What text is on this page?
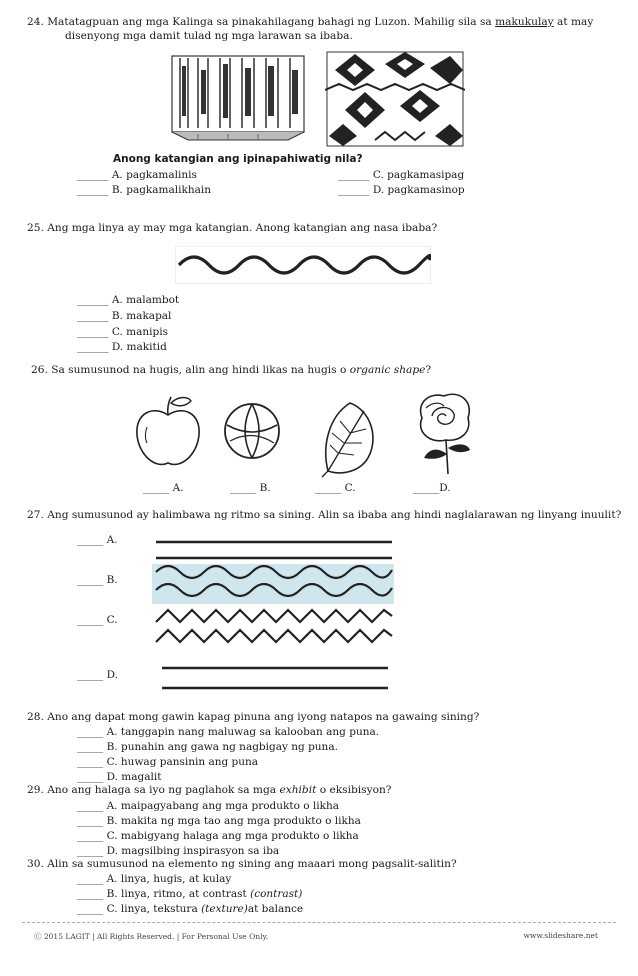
24. Matatagpuan ang mga Kalinga sa pinakahilagang bahagi ng Luzon. Mahilig sila sa makukulay at may
disenyong mga damit tulad ng mga larawan sa ibaba.
Anong katangian ang ipinapahiwatig nila?
______ A. pagkamalinis
______ B. pagkamalikhain
______ C. pagkamasipag
______ D. pagkamasinop
25. Ang mga linya ay may mga katangian. Anong katangian ang nasa ibaba?
______ A. malambot
______ B. makapal
______ C. manipis
______ D. makitid
26. Sa sumusunod na hugis, alin ang hindi likas na hugis o organic shape?
_____ A.	_____ B.	_____ C.	_____D.
27. Ang sumusunod ay halimbawa ng ritmo sa sining. Alin sa ibaba ang hindi naglalarawan ng linyang inuulit?
_____ A.
_____ B.
_____ C.
_____ D.
28. Ano ang dapat mong gawin kapag pinuna ang iyong natapos na gawaing sining?
_____ A. tanggapin nang maluwag sa kalooban ang puna.
_____ B. punahin ang gawa ng nagbigay ng puna.
_____ C. huwag pansinin ang puna
_____ D. magalit
29. Ano ang halaga sa iyo ng paglahok sa mga exhibit o eksibisyon?
_____ A. maipagyabang ang mga produkto o likha
_____ B. makita ng mga tao ang mga produkto o likha
_____ C. mabigyang halaga ang mga produkto o likha
_____ D. magsilbing inspirasyon sa iba
30. Alin sa sumusunod na elemento ng sining ang maaari mong pagsalit-salitin?
_____ A. linya, hugis, at kulay
_____ B. linya, ritmo, at contrast (contrast)
_____ C. linya, tekstura (texture)at balance
Ⓒ 2015 LAGIT | All Rights Reserved. | For Personal Use Only.	www.slideshare.net
